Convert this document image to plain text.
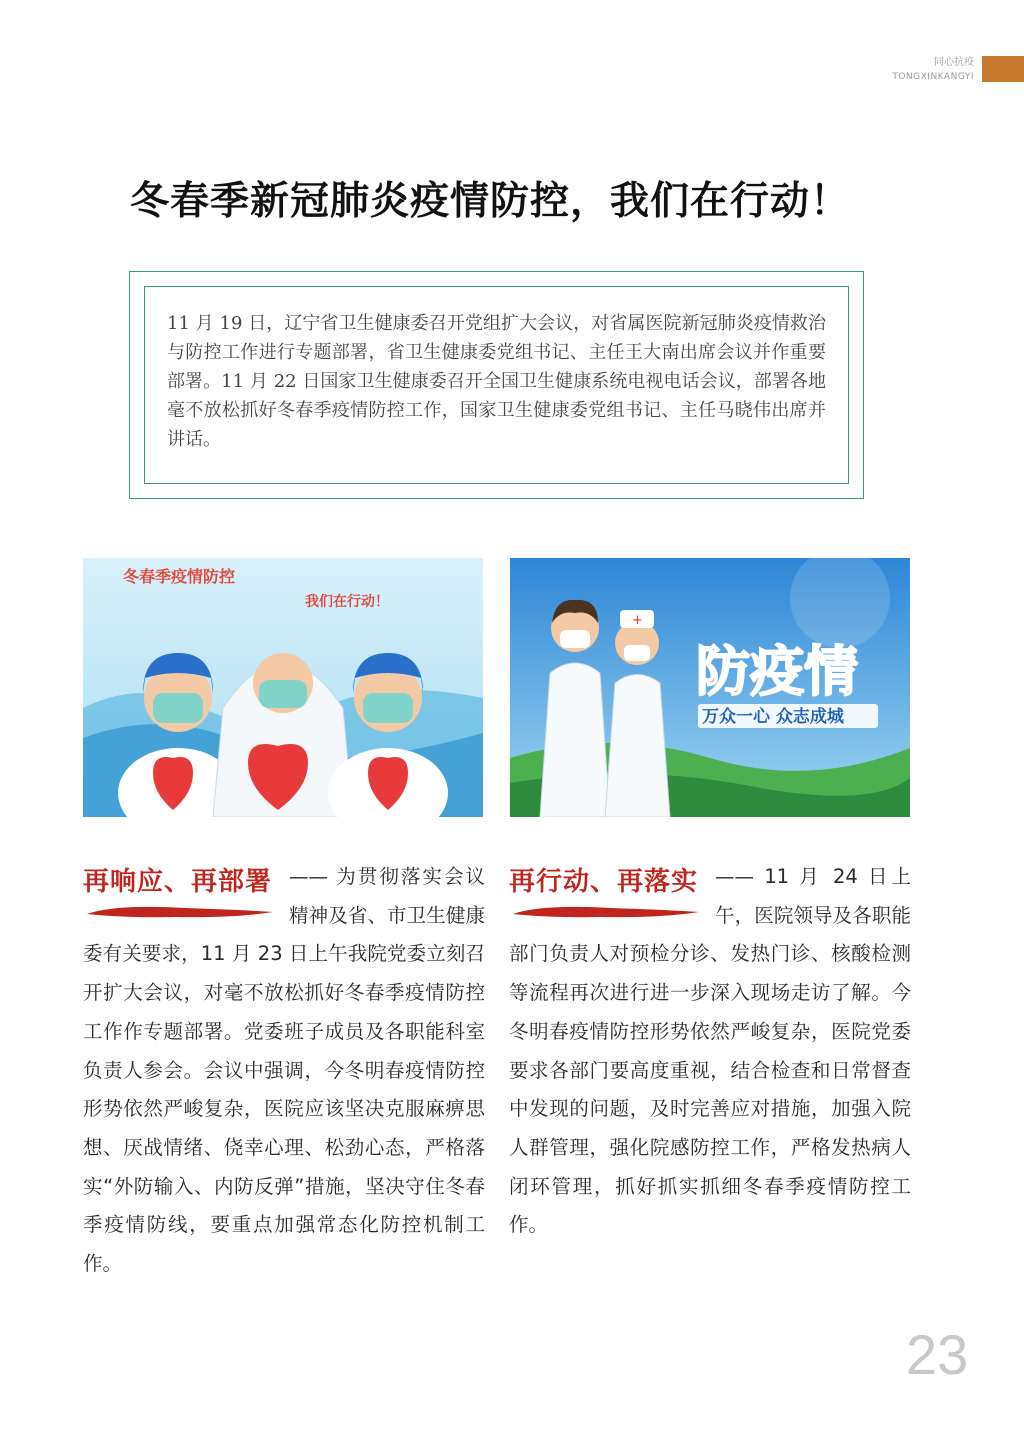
同心抗疫
TONGXINKANGYI
冬春季新冠肺炎疫情防控，我们在行动！

11 月 19 日，辽宁省卫生健康委召开党组扩大会议，对省属医院新冠肺炎疫情救治与防控工作进行专题部署，省卫生健康委党组书记、主任王大南出席会议并作重要部署。11 月 22 日国家卫生健康委召开全国卫生健康系统电视电话会议，部署各地毫不放松抓好冬春季疫情防控工作，国家卫生健康委党组书记、主任马晓伟出席并讲话。

冬春季疫情防控
我们在行动！
+
防疫情
万众一心 众志成城
再响应、再部署 —— 为贯彻落实会议精神及省、市卫生健康委有关要求，11 月 23 日上午我院党委立刻召开扩大会议，对毫不放松抓好冬春季疫情防控工作作专题部署。党委班子成员及各职能科室负责人参会。会议中强调，今冬明春疫情防控形势依然严峻复杂，医院应该坚决克服麻痹思想、厌战情绪、侥幸心理、松劲心态，严格落实“外防输入、内防反弹”措施，坚决守住冬春季疫情防线，要重点加强常态化防控机制工作。
再行动、再落实 —— 11 月 24 日上午，医院领导及各职能部门负责人对预检分诊、发热门诊、核酸检测等流程再次进行进一步深入现场走访了解。今冬明春疫情防控形势依然严峻复杂，医院党委要求各部门要高度重视，结合检查和日常督查中发现的问题，及时完善应对措施，加强入院人群管理，强化院感防控工作，严格发热病人闭环管理，抓好抓实抓细冬春季疫情防控工作。
23
